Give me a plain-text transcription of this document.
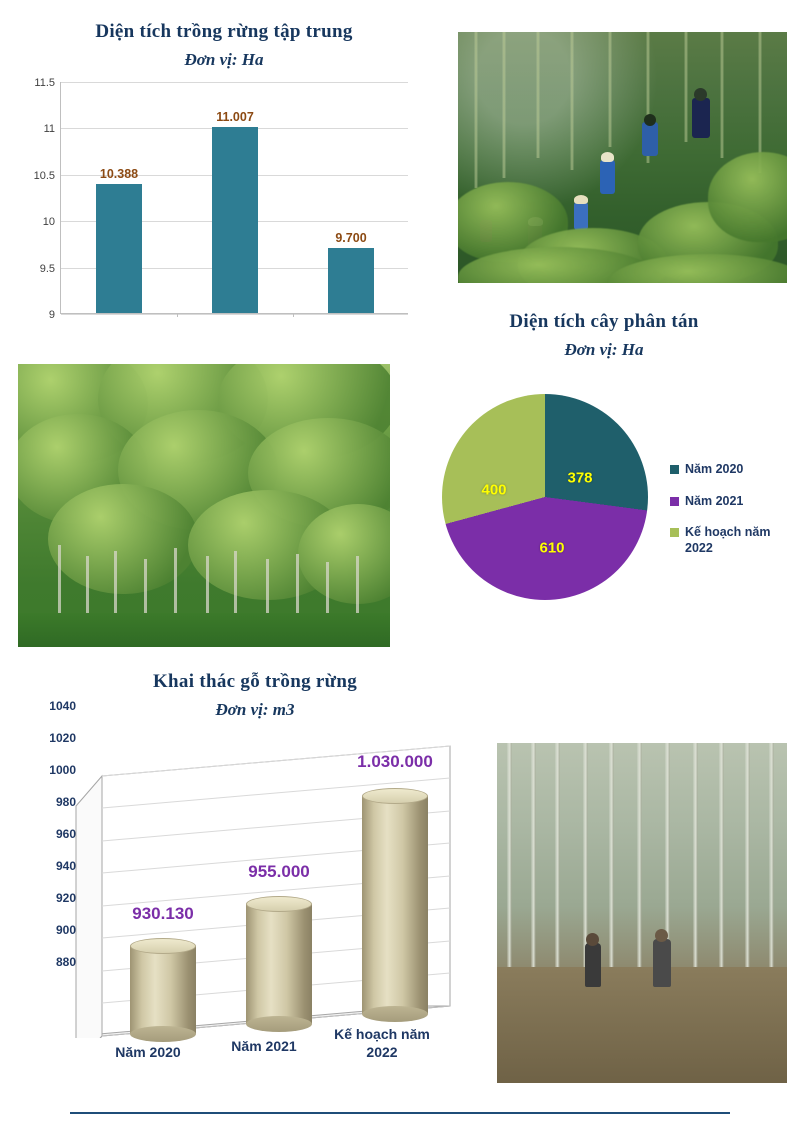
Diện tích trồng rừng tập trung
Đơn vị: Ha
11.5
11
10.5
10
9.5
9
10.388
11.007
9.700
Diện tích cây phân tán
Đơn vị: Ha
378
610
400
Năm 2020
Năm 2021
Kế hoạch năm 2022
Khai thác gỗ trồng rừng
Đơn vị: m3
930.130
955.000
1.030.000
Năm 2020	Năm 2021
Kế hoạch năm 2022
880
900
920
940
960
980
1000
1020
1040
